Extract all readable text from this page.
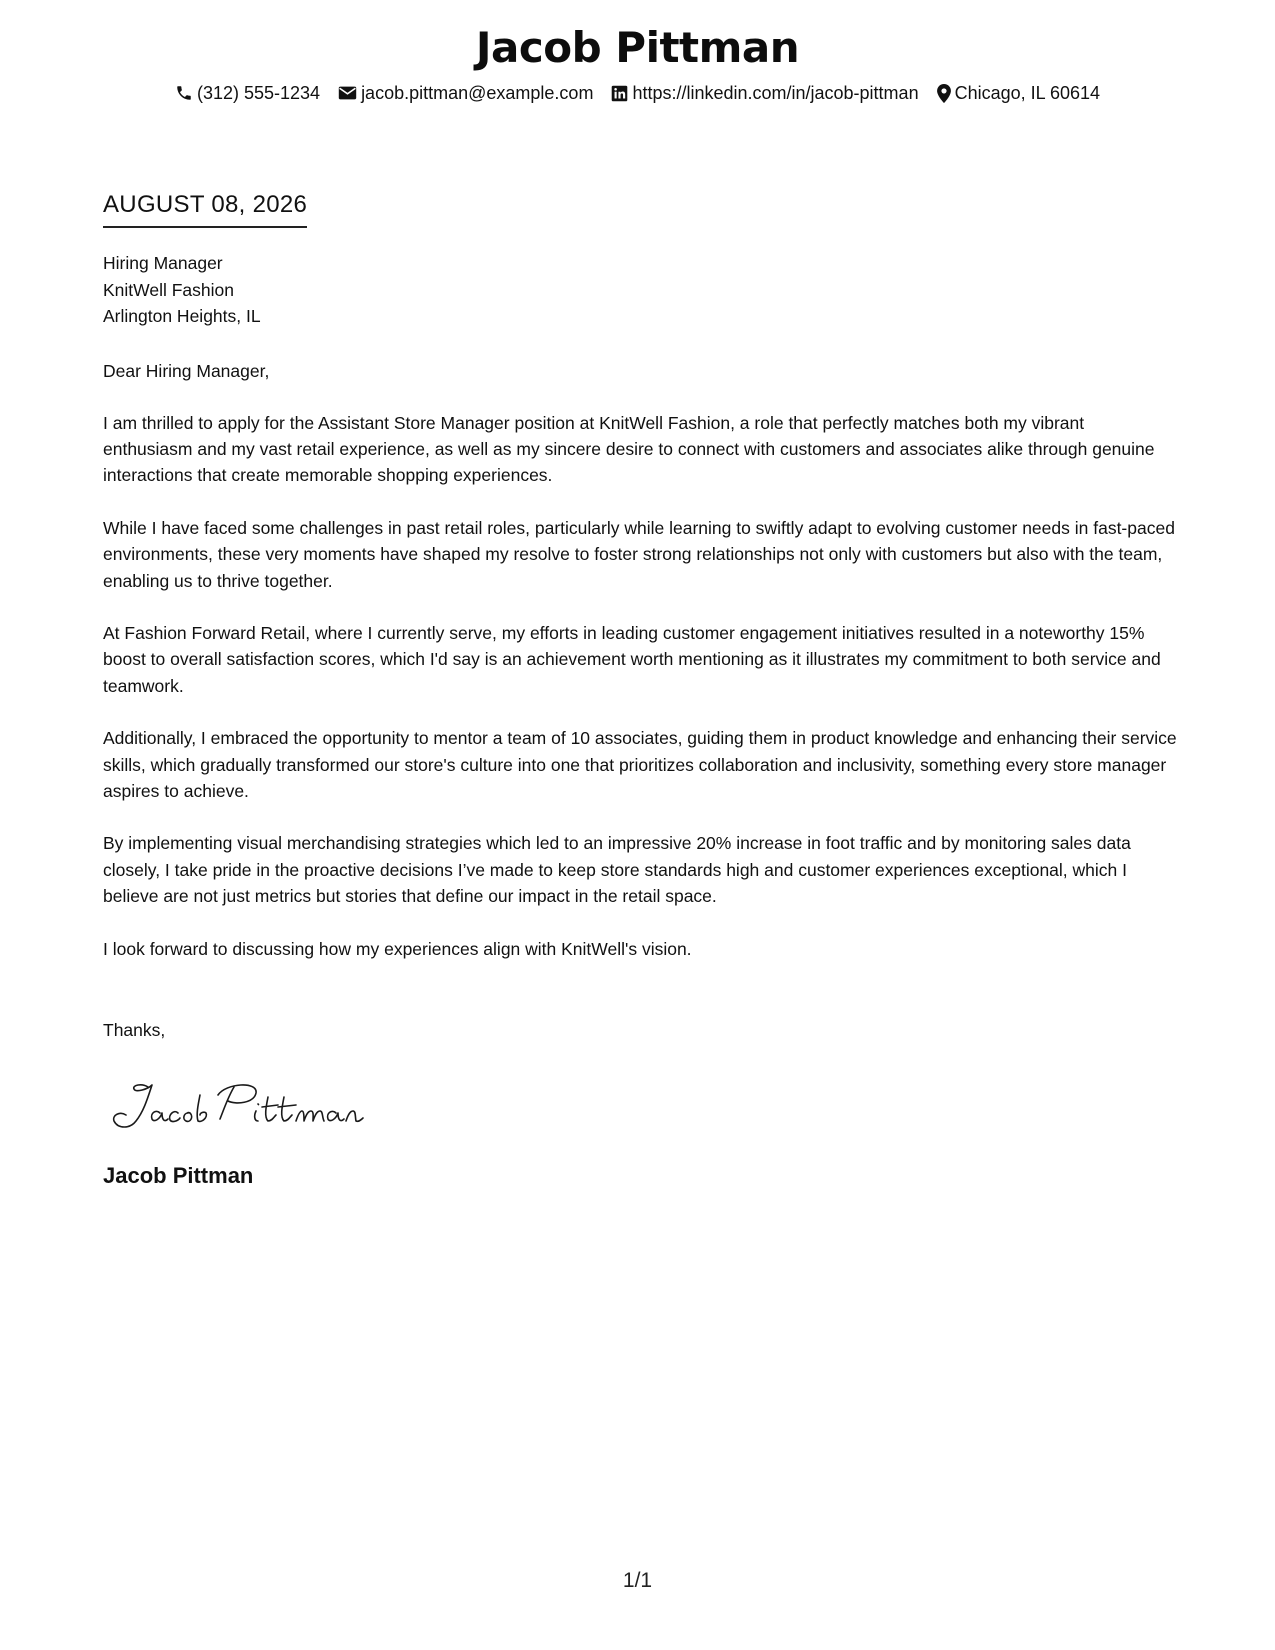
Jacob Pittman
(312) 555-1234 jacob.pittman@example.com https://linkedin.com/in/jacob-pittman Chicago, IL 60614
AUGUST 08, 2026
Hiring Manager
KnitWell Fashion
Arlington Heights, IL
Dear Hiring Manager,

I am thrilled to apply for the Assistant Store Manager position at KnitWell Fashion, a role that perfectly matches both my vibrant enthusiasm and my vast retail experience, as well as my sincere desire to connect with customers and associates alike through genuine interactions that create memorable shopping experiences.

While I have faced some challenges in past retail roles, particularly while learning to swiftly adapt to evolving customer needs in fast-paced environments, these very moments have shaped my resolve to foster strong relationships not only with customers but also with the team, enabling us to thrive together.

At Fashion Forward Retail, where I currently serve, my efforts in leading customer engagement initiatives resulted in a noteworthy 15% boost to overall satisfaction scores, which I'd say is an achievement worth mentioning as it illustrates my commitment to both service and teamwork.

Additionally, I embraced the opportunity to mentor a team of 10 associates, guiding them in product knowledge and enhancing their service skills, which gradually transformed our store's culture into one that prioritizes collaboration and inclusivity, something every store manager aspires to achieve.

By implementing visual merchandising strategies which led to an impressive 20% increase in foot traffic and by monitoring sales data closely, I take pride in the proactive decisions I’ve made to keep store standards high and customer experiences exceptional, which I believe are not just metrics but stories that define our impact in the retail space.

I look forward to discussing how my experiences align with KnitWell's vision.

Thanks,
Jacob Pittman
1/1
